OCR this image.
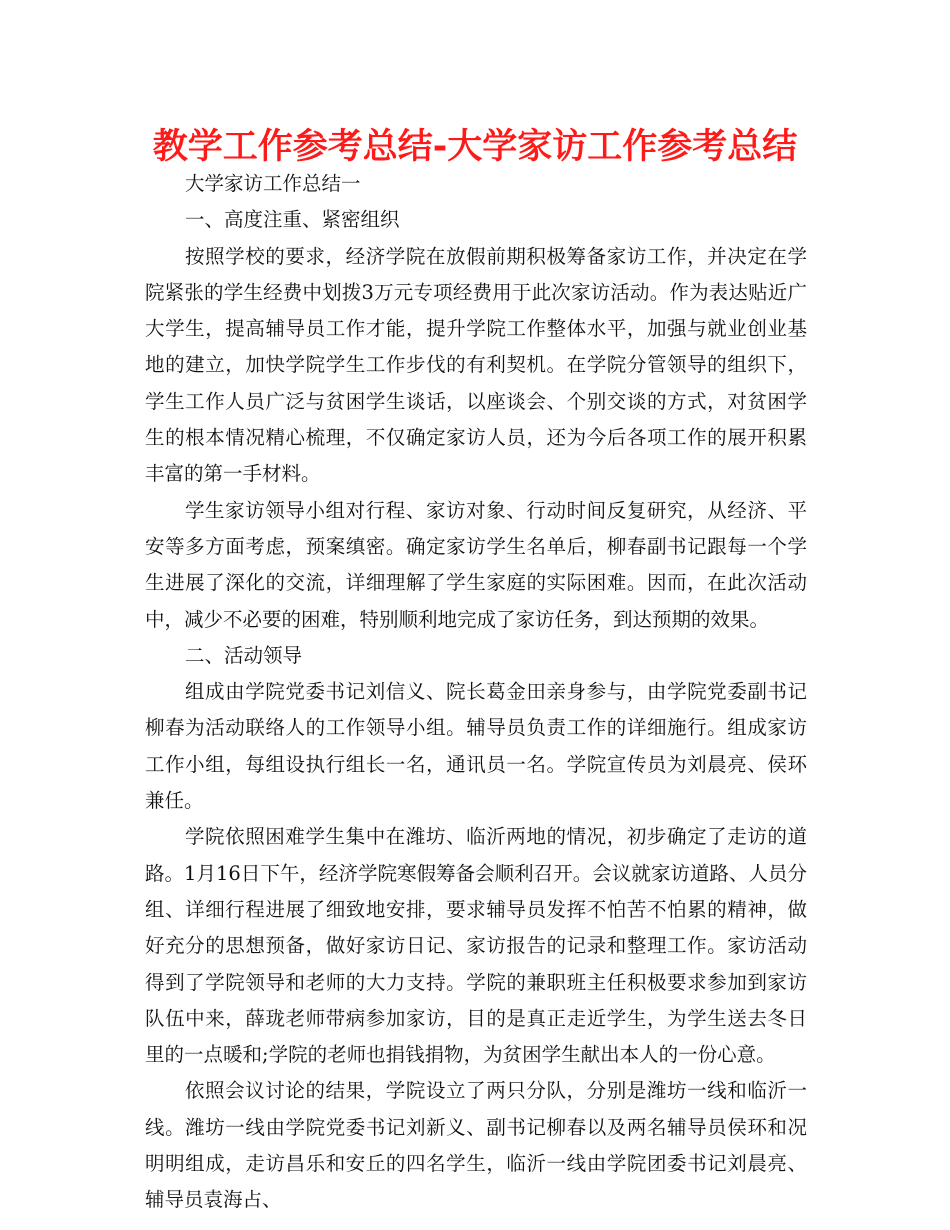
教学工作参考总结-大学家访工作参考总结

大学家访工作总结一

一、高度注重、紧密组织

按照学校的要求，经济学院在放假前期积极筹备家访工作，并决定在学院紧张的学生经费中划拨3万元专项经费用于此次家访活动。作为表达贴近广大学生，提高辅导员工作才能，提升学院工作整体水平，加强与就业创业基地的建立，加快学院学生工作步伐的有利契机。在学院分管领导的组织下，学生工作人员广泛与贫困学生谈话，以座谈会、个别交谈的方式，对贫困学生的根本情况精心梳理，不仅确定家访人员，还为今后各项工作的展开积累丰富的第一手材料。

学生家访领导小组对行程、家访对象、行动时间反复研究，从经济、平安等多方面考虑，预案缜密。确定家访学生名单后，柳春副书记跟每一个学生进展了深化的交流，详细理解了学生家庭的实际困难。因而，在此次活动中，减少不必要的困难，特别顺利地完成了家访任务，到达预期的效果。

二、活动领导

组成由学院党委书记刘信义、院长葛金田亲身参与，由学院党委副书记柳春为活动联络人的工作领导小组。辅导员负责工作的详细施行。组成家访工作小组，每组设执行组长一名，通讯员一名。学院宣传员为刘晨亮、侯环兼任。

学院依照困难学生集中在潍坊、临沂两地的情况，初步确定了走访的道路。1月16日下午，经济学院寒假筹备会顺利召开。会议就家访道路、人员分组、详细行程进展了细致地安排，要求辅导员发挥不怕苦不怕累的精神，做好充分的思想预备，做好家访日记、家访报告的记录和整理工作。家访活动得到了学院领导和老师的大力支持。学院的兼职班主任积极要求参加到家访队伍中来，薛珑老师带病参加家访，目的是真正走近学生，为学生送去冬日里的一点暖和;学院的老师也捐钱捐物，为贫困学生献出本人的一份心意。

依照会议讨论的结果，学院设立了两只分队，分别是潍坊一线和临沂一线。潍坊一线由学院党委书记刘新义、副书记柳春以及两名辅导员侯环和况明明组成，走访昌乐和安丘的四名学生，临沂一线由学院团委书记刘晨亮、辅导员袁海占、
